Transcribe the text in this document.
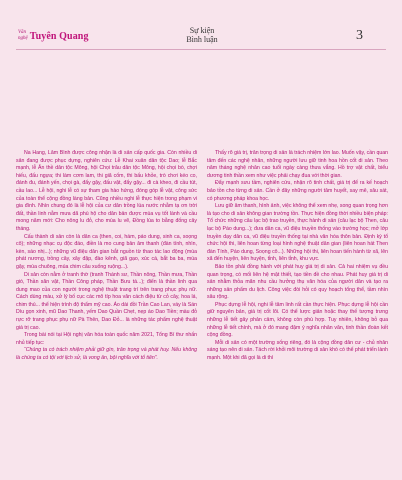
Văn
nghệ Tuyên Quang
Sự kiện
Bình luận	3

Na Hang, Lâm Bình được công nhận là di sản cấp quốc gia. Còn nhiều di sản đang được phục dựng, nghiên cứu: Lễ Khai xuân dân tộc Dao; lễ Bắc mạnh, lễ Ăn thề dân tộc Mông, hội Chọi trâu dân tộc Mông, hội chọi bò, chợi hiếu, đấu ngựa; thi làm cơm lam, thi giã cốm, thi bấu khỏe, trò chơi kéo co, đánh đu, đánh yến, chọi gà, đẩy gậy, đấu vật, đẩy gậy... đi cà kheo, đi cầu tút, cầu lao... Lễ hội, nghi lễ có sự tham gia hào hứng, đóng góp lễ vật, công sức của toàn thể cộng đồng làng bản. Cũng nhiều nghi lễ thực hiện trong phạm vi gia đình. Nhìn chung đó là lễ hội của cư dân trồng lúa nước nhằm tạ ơn trời đất, thần linh nằm mưa dã phù hộ cho dân bản được mùa vụ tốt lành và cầu mong năm mới: Cho nông lu đỏ, cho mùa lu vẽ, Đồng lúa to bằng đống cây tháng.

Cấu thành di sản còn là dân ca (then, coi, hám, páo dung, sinh ca, soọng cô); những nhạc cụ độc đáo, điền là mo cung bản âm thanh (đàn tính, nhìn, kèn, sáo nhị...); những vũ điệu dân gian bắt nguồn từ thao tác lao động (múa phát nương, trồng cây, xây đập, đào kênh, giã gạo, xúc cá, bắt ba ba, múa gậy, múa chuông, múa chim câu xuống ruộng...).

Di sản còn nằm ở tranh thờ (tranh Thánh sư, Thần nông, Thần mưa, Thần gió, Thần săn vật, Thần Công pháp, Thần Bưu tá...); điển là thần linh qua dung mao của con người trong nghệ thuật trang trí trên trang phục phụ nữ. Cách dùng màu, xử lý bố cục các mô típ hoa văn cách điệu từ cỏ cây, hoa lá, chim thú... thể hiện trình độ thẩm mỹ cao. Áo dài đồi Trần Cao Lan, váy là Sán Dìu gọn xinh, mũ Dao Thanh, yếm Dao Quần Chẹt, nẹp áo Dao Tiền; màu đỏ rực rỡ trang phục phụ nữ Pà Thẻn, Dao Đỏ... là những tác phẩm nghệ thuật giá trị cao.

Trong bài nói tại Hội nghị văn hóa toàn quốc năm 2021, Tổng Bí thư nhấn nhủ tiếp tục:

“Chúng ta có trách nhiệm phải giữ gìn, trân trọng và phát huy. Nếu không là chúng ta có tội với lịch sử, là vong ân, bội nghĩa với tổ tiên”.

Thấy rõ giá trị, trân trọng di sản là trách nhiệm lớn lao. Muốn vậy, cần quan tâm đến các nghệ nhân, những người lưu giữ tinh hoa hồn cốt di sản. Theo năm tháng nghệ nhân cao tuổi ngày càng thưa vắng. Hồ trợ vật chất, biểu dương tinh thần xem như việc phải chạy đua với thời gian.

Đẩy mạnh sưu tầm, nghiên cứu, nhận rõ tinh chất, giá trị để ra kế hoạch bảo tồn cho từng di sản. Cần ở đây những người tâm huyết, say mê, sâu sát, có phương pháp khoa học.

Lưu giữ âm thanh, hình ảnh, việc không thể xem nhẹ, song quan trọng hơn là tạo cho di sản không gian trường tồn. Thực hiện đồng thời nhiều biện pháp: Tổ chức những câu lạc bộ trao truyền, thực hành di sản (câu lạc bộ Then, câu lạc bộ Páo dung...); đưa dân ca, vũ điệu truyền thống vào trường học; mở lớp truyền dạy dân ca, vũ điệu truyền thống tại nhà văn hóa thôn bản. Định kỳ tổ chức hội thi, liên hoan từng loại hình nghệ thuật dân gian (liên hoan hát Then đàn Tính, Páo dung, Soọng cô...). Những hội thi, liên hoan tiến hành từ xã, lên xã đến huyện, liên huyện, tỉnh, liên tỉnh, khu vực.

Bảo tồn phải đồng hành với phát huy giá trị di sản. Cả hai nhiệm vụ đều quan trọng, có mối liên hệ mật thiết, tạo tiền đề cho nhau. Phát huy giá trị di sản nhằm thỏa mãn nhu cầu hưởng thụ văn hóa của người dân và tạo ra những sản phẩm du lịch. Công việc đòi hỏi có quy hoạch tổng thể, tầm nhìn sâu rộng.

Phục dựng lễ hội, nghi lễ tâm linh rất cần thực hiện. Phục dựng lễ hội cần giữ nguyên bản, giá trị cốt lõi. Có thể lược giản hoặc thay thế tượng trưng những lễ tiết gây phản cảm, không còn phù hợp. Tuy nhiên, không bỏ qua những lễ tiết chính, mà ở đó mang đậm ý nghĩa nhân văn, tinh thần đoàn kết cộng đồng.

Mỗi di sản có một trường sống riêng, đó là cộng đồng dân cư - chủ nhân sáng tạo nên di sản. Tách rời khỏi môi trường di sản khó có thể phát triển lành mạnh. Một khi đã gọi là di thì
